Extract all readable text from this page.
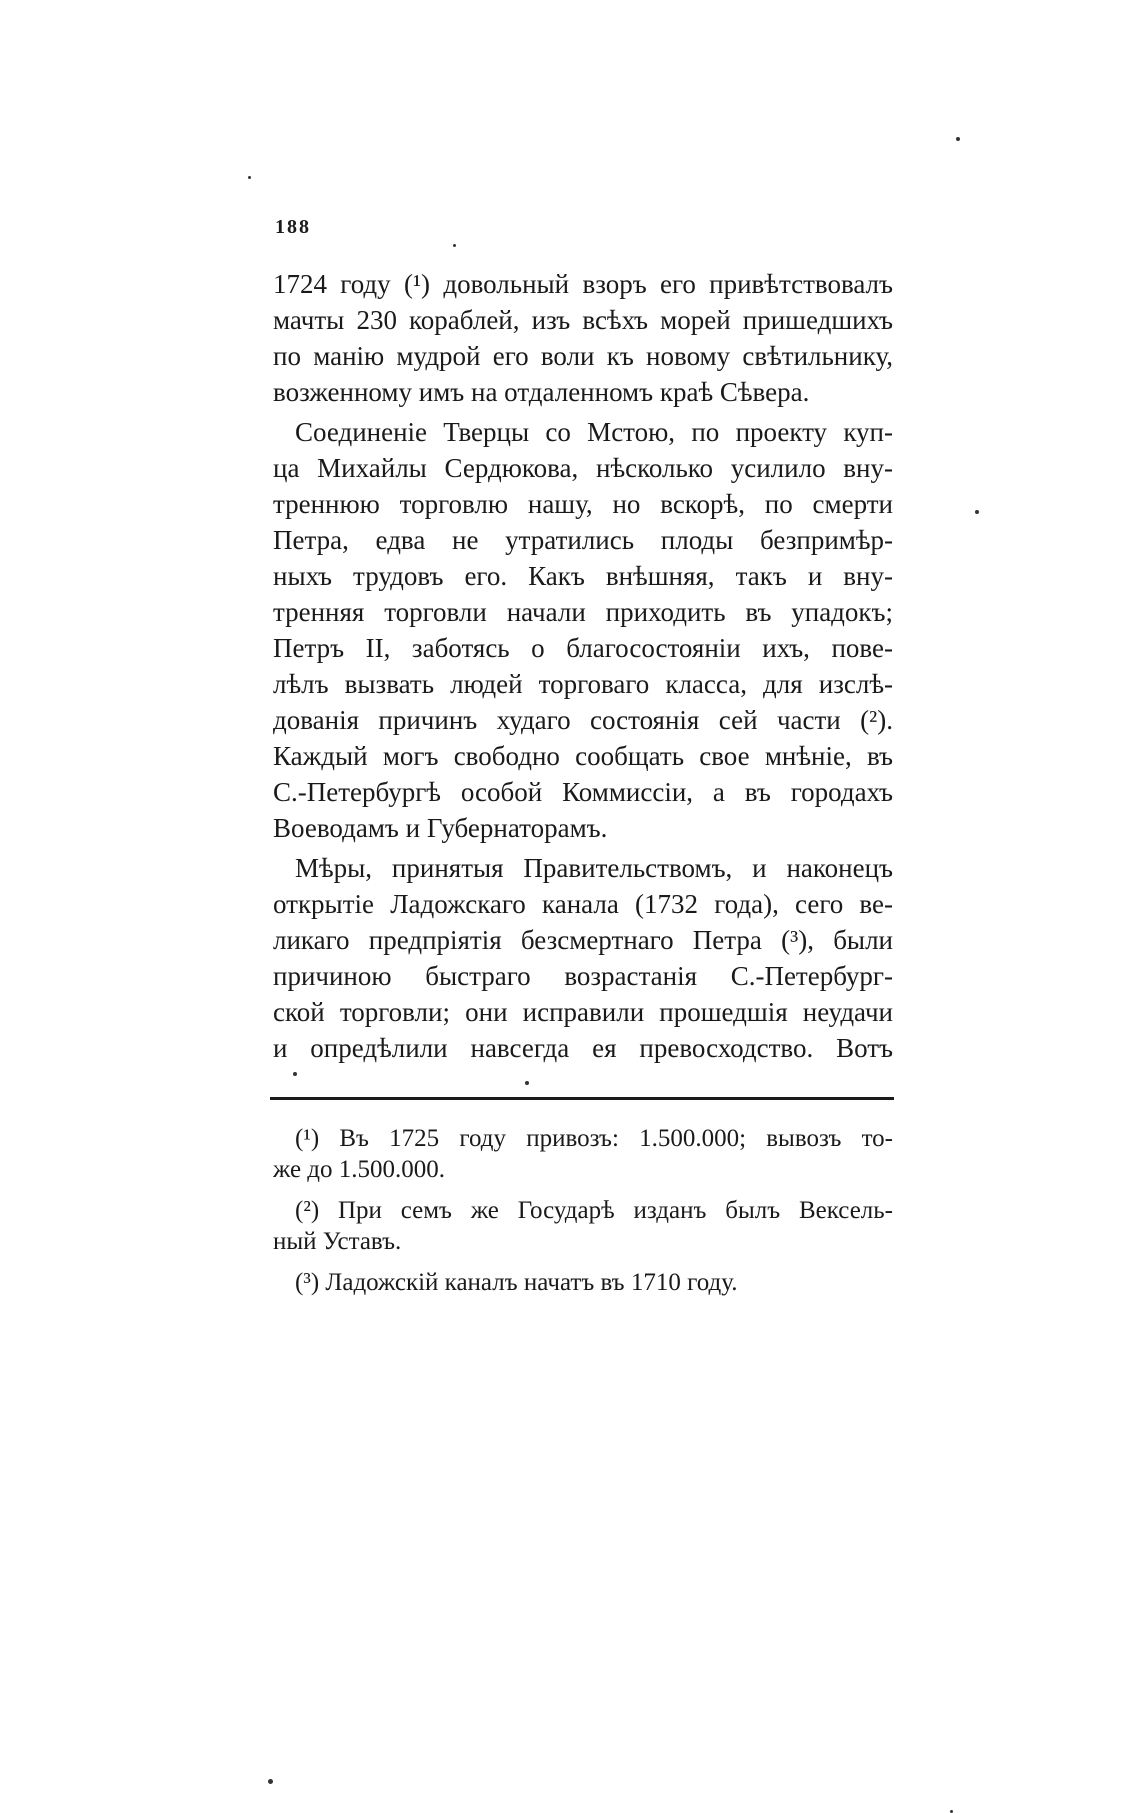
188
1724 году (¹) довольный взоръ его привѣтствовалъ
мачты 230 кораблей, изъ всѣхъ морей пришедшихъ
по манію мудрой его воли къ новому свѣтильнику,
возженному имъ на отдаленномъ краѣ Сѣвера.
Соединеніе Тверцы со Мстою, по проекту куп-
ца Михайлы Сердюкова, нѣсколько усилило вну-
треннюю торговлю нашу, но вскорѣ, по смерти
Петра, едва не утратились плоды безпримѣр-
ныхъ трудовъ его. Какъ внѣшняя, такъ и вну-
тренняя торговли начали приходить въ упадокъ;
Петръ II, заботясь о благосостояніи ихъ, пове-
лѣлъ вызвать людей торговаго класса, для изслѣ-
дованія причинъ худаго состоянія сей части (²).
Каждый могъ свободно сообщать свое мнѣніе, въ
С.-Петербургѣ особой Коммиссіи, а въ городахъ
Воеводамъ и Губернаторамъ.
Мѣры, принятыя Правительствомъ, и наконецъ
открытіе Ладожскаго канала (1732 года), сего ве-
ликаго предпріятія безсмертнаго Петра (³), были
причиною быстраго возрастанія С.-Петербург-
ской торговли; они исправили прошедшія неудачи
и опредѣлили навсегда ея превосходство. Вотъ
(¹) Въ 1725 году привозъ: 1.500.000; вывозъ то-
же до 1.500.000.
(²) При семъ же Государѣ изданъ былъ Вексель-
ный Уставъ.
(³) Ладожскій каналъ начатъ въ 1710 году.
